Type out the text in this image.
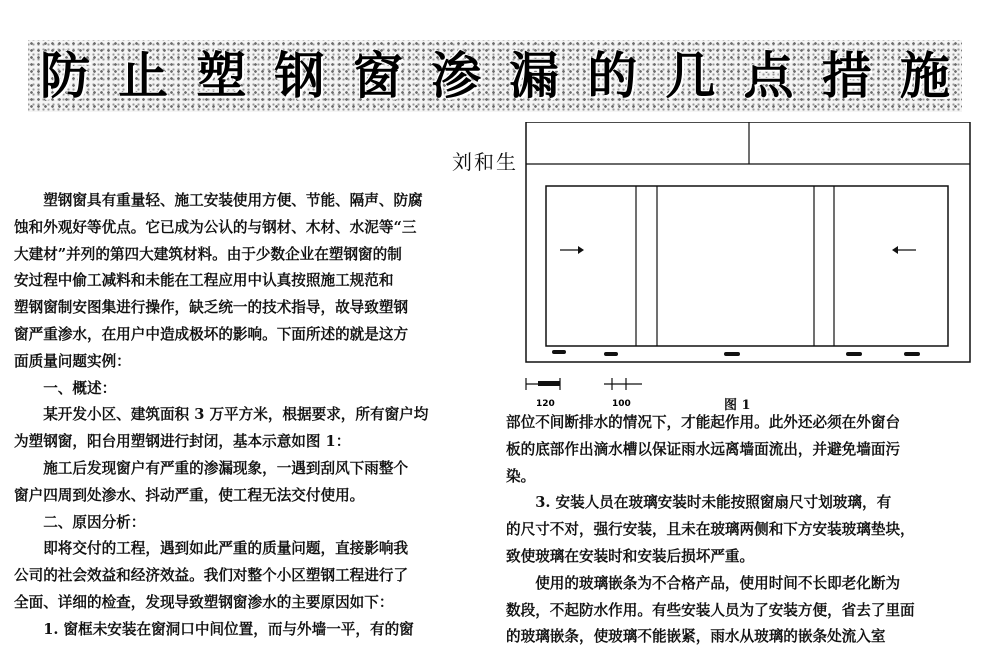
防 止 塑 钢 窗 渗 漏 的 几 点 措 施
刘和生
　　塑钢窗具有重量轻、施工安装使用方便、节能、隔声、防腐
蚀和外观好等优点。它已成为公认的与钢材、木材、水泥等“三
大建材”并列的第四大建筑材料。由于少数企业在塑钢窗的制
安过程中偷工减料和未能在工程应用中认真按照施工规范和
塑钢窗制安图集进行操作，缺乏统一的技术指导，故导致塑钢
窗严重渗水，在用户中造成极坏的影响。下面所述的就是这方
面质量问题实例：
　　一、概述：
　　某开发小区、建筑面积 3 万平方米，根据要求，所有窗户均
为塑钢窗，阳台用塑钢进行封闭，基本示意如图 1：
　　施工后发现窗户有严重的渗漏现象，一遇到刮风下雨整个
窗户四周到处渗水、抖动严重，使工程无法交付使用。
　　二、原因分析：
　　即将交付的工程，遇到如此严重的质量问题，直接影响我
公司的社会效益和经济效益。我们对整个小区塑钢工程进行了
全面、详细的检查，发现导致塑钢窗渗水的主要原因如下：
　　1. 窗框未安装在窗洞口中间位置，而与外墙一平，有的窗
部位不间断排水的情况下，才能起作用。此外还必须在外窗台
板的底部作出滴水槽以保证雨水远离墙面流出，并避免墙面污
染。
　　3. 安装人员在玻璃安装时未能按照窗扇尺寸划玻璃，有
的尺寸不对，强行安装，且未在玻璃两侧和下方安装玻璃垫块，
致使玻璃在安装时和安装后损坏严重。
　　使用的玻璃嵌条为不合格产品，使用时间不长即老化断为
数段，不起防水作用。有些安装人员为了安装方便，省去了里面
的玻璃嵌条，使玻璃不能嵌紧，雨水从玻璃的嵌条处流入室
120	100	图 1
